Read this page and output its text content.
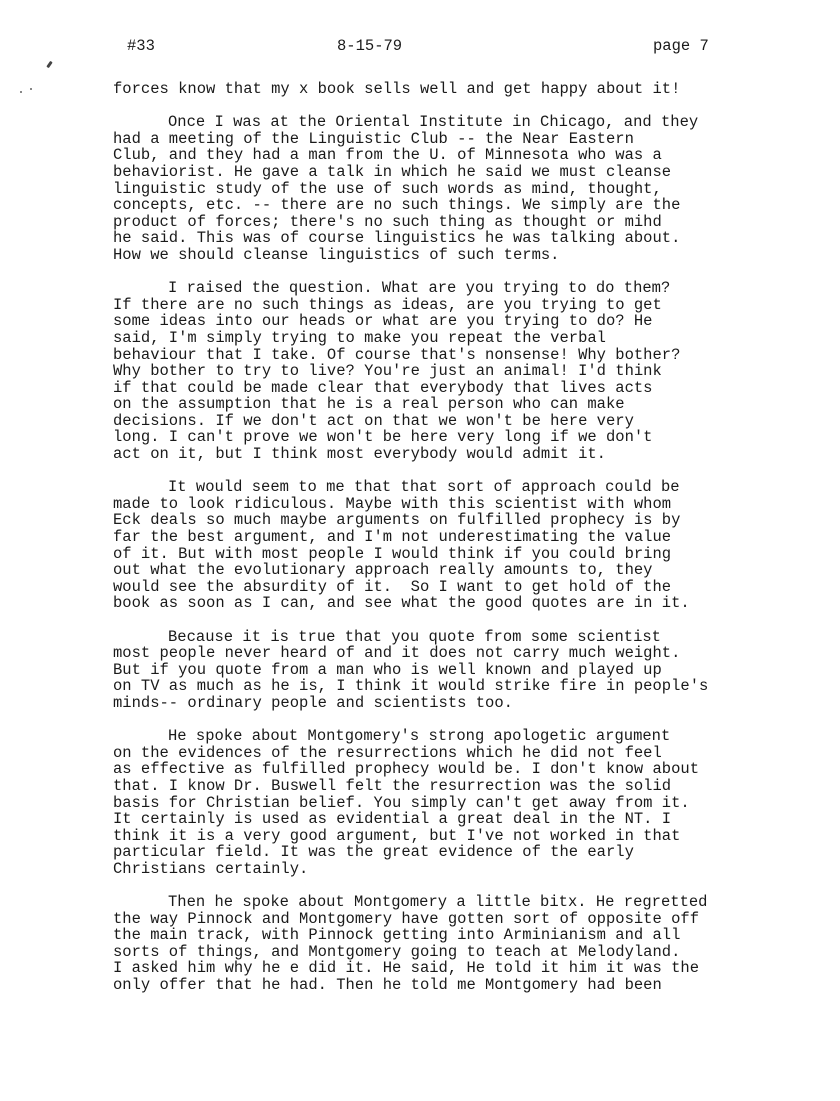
#33	8-15-79	page 7
forces know that my x book sells well and get happy about it!
Once I was at the Oriental Institute in Chicago, and they
had a meeting of the Linguistic Club -- the Near Eastern
Club, and they had a man from the U. of Minnesota who was a
behaviorist. He gave a talk in which he said we must cleanse
linguistic study of the use of such words as mind, thought,
concepts, etc. -- there are no such things. We simply are the
product of forces; there's no such thing as thought or mihd
he said. This was of course linguistics he was talking about.
How we should cleanse linguistics of such terms.
I raised the question. What are you trying to do them?
If there are no such things as ideas, are you trying to get
some ideas into our heads or what are you trying to do? He
said, I'm simply trying to make you repeat the verbal
behaviour that I take. Of course that's nonsense! Why bother?
Why bother to try to live? You're just an animal! I'd think
if that could be made clear that everybody that lives acts
on the assumption that he is a real person who can make
decisions. If we don't act on that we won't be here very
long. I can't prove we won't be here very long if we don't
act on it, but I think most everybody would admit it.
It would seem to me that that sort of approach could be
made to look ridiculous. Maybe with this scientist with whom
Eck deals so much maybe arguments on fulfilled prophecy is by
far the best argument, and I'm not underestimating the value
of it. But with most people I would think if you could bring
out what the evolutionary approach really amounts to, they
would see the absurdity of it.  So I want to get hold of the
book as soon as I can, and see what the good quotes are in it.
Because it is true that you quote from some scientist
most people never heard of and it does not carry much weight.
But if you quote from a man who is well known and played up
on TV as much as he is, I think it would strike fire in people's
minds-- ordinary people and scientists too.
He spoke about Montgomery's strong apologetic argument
on the evidences of the resurrections which he did not feel
as effective as fulfilled prophecy would be. I don't know about
that. I know Dr. Buswell felt the resurrection was the solid
basis for Christian belief. You simply can't get away from it.
It certainly is used as evidential a great deal in the NT. I
think it is a very good argument, but I've not worked in that
particular field. It was the great evidence of the early
Christians certainly.
Then he spoke about Montgomery a little bitx. He regretted
the way Pinnock and Montgomery have gotten sort of opposite off
the main track, with Pinnock getting into Arminianism and all
sorts of things, and Montgomery going to teach at Melodyland.
I asked him why he e did it. He said, He told it him it was the
only offer that he had. Then he told me Montgomery had been
